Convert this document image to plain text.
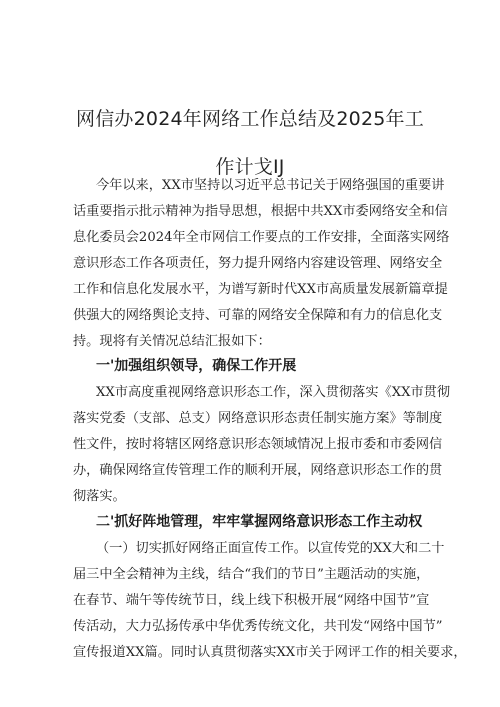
网信办2024年网络工作总结及2025年工
作计戈IJ
今年以来，XX市坚持以习近平总书记关于网络强国的重要讲
话重要指示批示精神为指导思想，根据中共XX市委网络安全和信
息化委员会2024年全市网信工作要点的工作安排，全面落实网络
意识形态工作各项责任，努力提升网络内容建设管理、网络安全
工作和信息化发展水平，为谱写新时代XX市高质量发展新篇章提
供强大的网络舆论支持、可靠的网络安全保障和有力的信息化支
持。现将有关情况总结汇报如下：
一'加强组织领导，确保工作开展
XX市高度重视网络意识形态工作，深入贯彻落实《XX市贯彻
落实党委（支部、总支）网络意识形态责任制实施方案》等制度
性文件，按时将辖区网络意识形态领域情况上报市委和市委网信
办，确保网络宣传管理工作的顺利开展，网络意识形态工作的贯
彻落实。
二'抓好阵地管理，牢牢掌握网络意识形态工作主动权
（一）切实抓好网络正面宣传工作。以宣传党的XX大和二十
届三中全会精神为主线，结合“我们的节日”主题活动的实施，
在春节、端午等传统节日，线上线下积极开展“网络中国节”宣
传活动，大力弘扬传承中华优秀传统文化，共刊发“网络中国节”
宣传报道XX篇。同时认真贯彻落实XX市关于网评工作的相关要求，
